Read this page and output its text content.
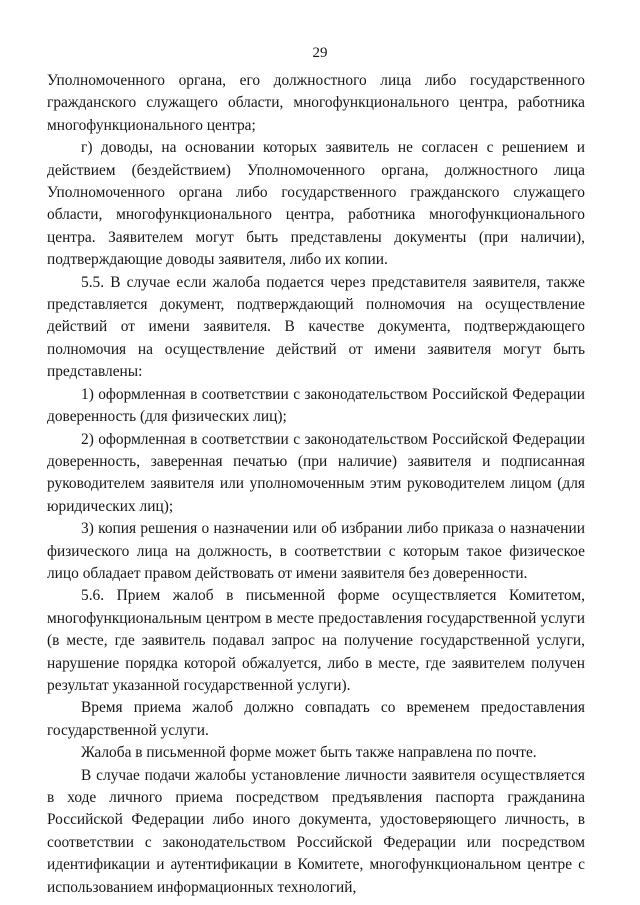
29

Уполномоченного органа, его должностного лица либо государственного гражданского служащего области, многофункционального центра, работника многофункционального центра;

г) доводы, на основании которых заявитель не согласен с решением и действием (бездействием) Уполномоченного органа, должностного лица Уполномоченного органа либо государственного гражданского служащего области, многофункционального центра, работника многофункционального центра. Заявителем могут быть представлены документы (при наличии), подтверждающие доводы заявителя, либо их копии.

5.5. В случае если жалоба подается через представителя заявителя, также представляется документ, подтверждающий полномочия на осуществление действий от имени заявителя. В качестве документа, подтверждающего полномочия на осуществление действий от имени заявителя могут быть представлены:

1) оформленная в соответствии с законодательством Российской Федерации доверенность (для физических лиц);

2) оформленная в соответствии с законодательством Российской Федерации доверенность, заверенная печатью (при наличие) заявителя и подписанная руководителем заявителя или уполномоченным этим руководителем лицом (для юридических лиц);

3) копия решения о назначении или об избрании либо приказа о назначении физического лица на должность, в соответствии с которым такое физическое лицо обладает правом действовать от имени заявителя без доверенности.

5.6. Прием жалоб в письменной форме осуществляется Комитетом, многофункциональным центром в месте предоставления государственной услуги (в месте, где заявитель подавал запрос на получение государственной услуги, нарушение порядка которой обжалуется, либо в месте, где заявителем получен результат указанной государственной услуги).

Время приема жалоб должно совпадать со временем предоставления государственной услуги.

Жалоба в письменной форме может быть также направлена по почте.

В случае подачи жалобы установление личности заявителя осуществляется в ходе личного приема посредством предъявления паспорта гражданина Российской Федерации либо иного документа, удостоверяющего личность, в соответствии с законодательством Российской Федерации или посредством идентификации и аутентификации в Комитете, многофункциональном центре с использованием информационных технологий,
